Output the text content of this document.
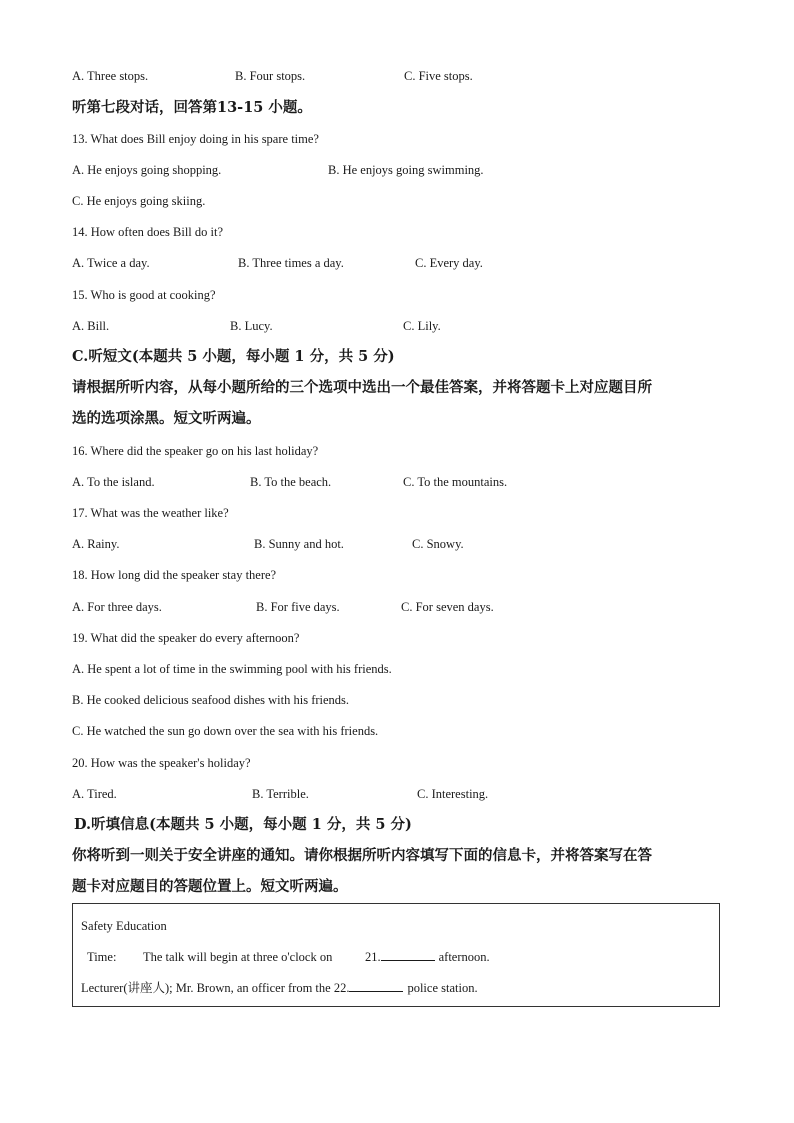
A. Three stops.	B. Four stops.	C. Five stops.
听第七段对话，回答第13-15 小题。
13. What does Bill enjoy doing in his spare time?
A. He enjoys going shopping.	B. He enjoys going swimming.
C. He enjoys going skiing.
14. How often does Bill do it?
A. Twice a day.	B. Three times a day.	C. Every day.
15. Who is good at cooking?
A. Bill.	B. Lucy.	C. Lily.
C.听短文(本题共 5 小题，每小题 1 分，共 5 分)
请根据所听内容，从每小题所给的三个选项中选出一个最佳答案，并将答题卡上对应题目所
选的选项涂黑。短文听两遍。
16. Where did the speaker go on his last holiday?
A. To the island.	B. To the beach.	C. To the mountains.
17. What was the weather like?
A. Rainy.	B. Sunny and hot.	C. Snowy.
18. How long did the speaker stay there?
A. For three days.	B. For five days.	C. For seven days.
19. What did the speaker do every afternoon?
A. He spent a lot of time in the swimming pool with his friends.
B. He cooked delicious seafood dishes with his friends.
C. He watched the sun go down over the sea with his friends.
20. How was the speaker's holiday?
A. Tired.	B. Terrible.	C. Interesting.
D.听填信息(本题共 5 小题，每小题 1 分，共 5 分)
你将听到一则关于安全讲座的通知。请你根据所听内容填写下面的信息卡，并将答案写在答
题卡对应题目的答题位置上。短文听两遍。
Safety Education
Time: The talk will begin at three o'clock on	21.	afternoon.
Lecturer(讲座人); Mr. Brown, an officer from the 22.	police station.
